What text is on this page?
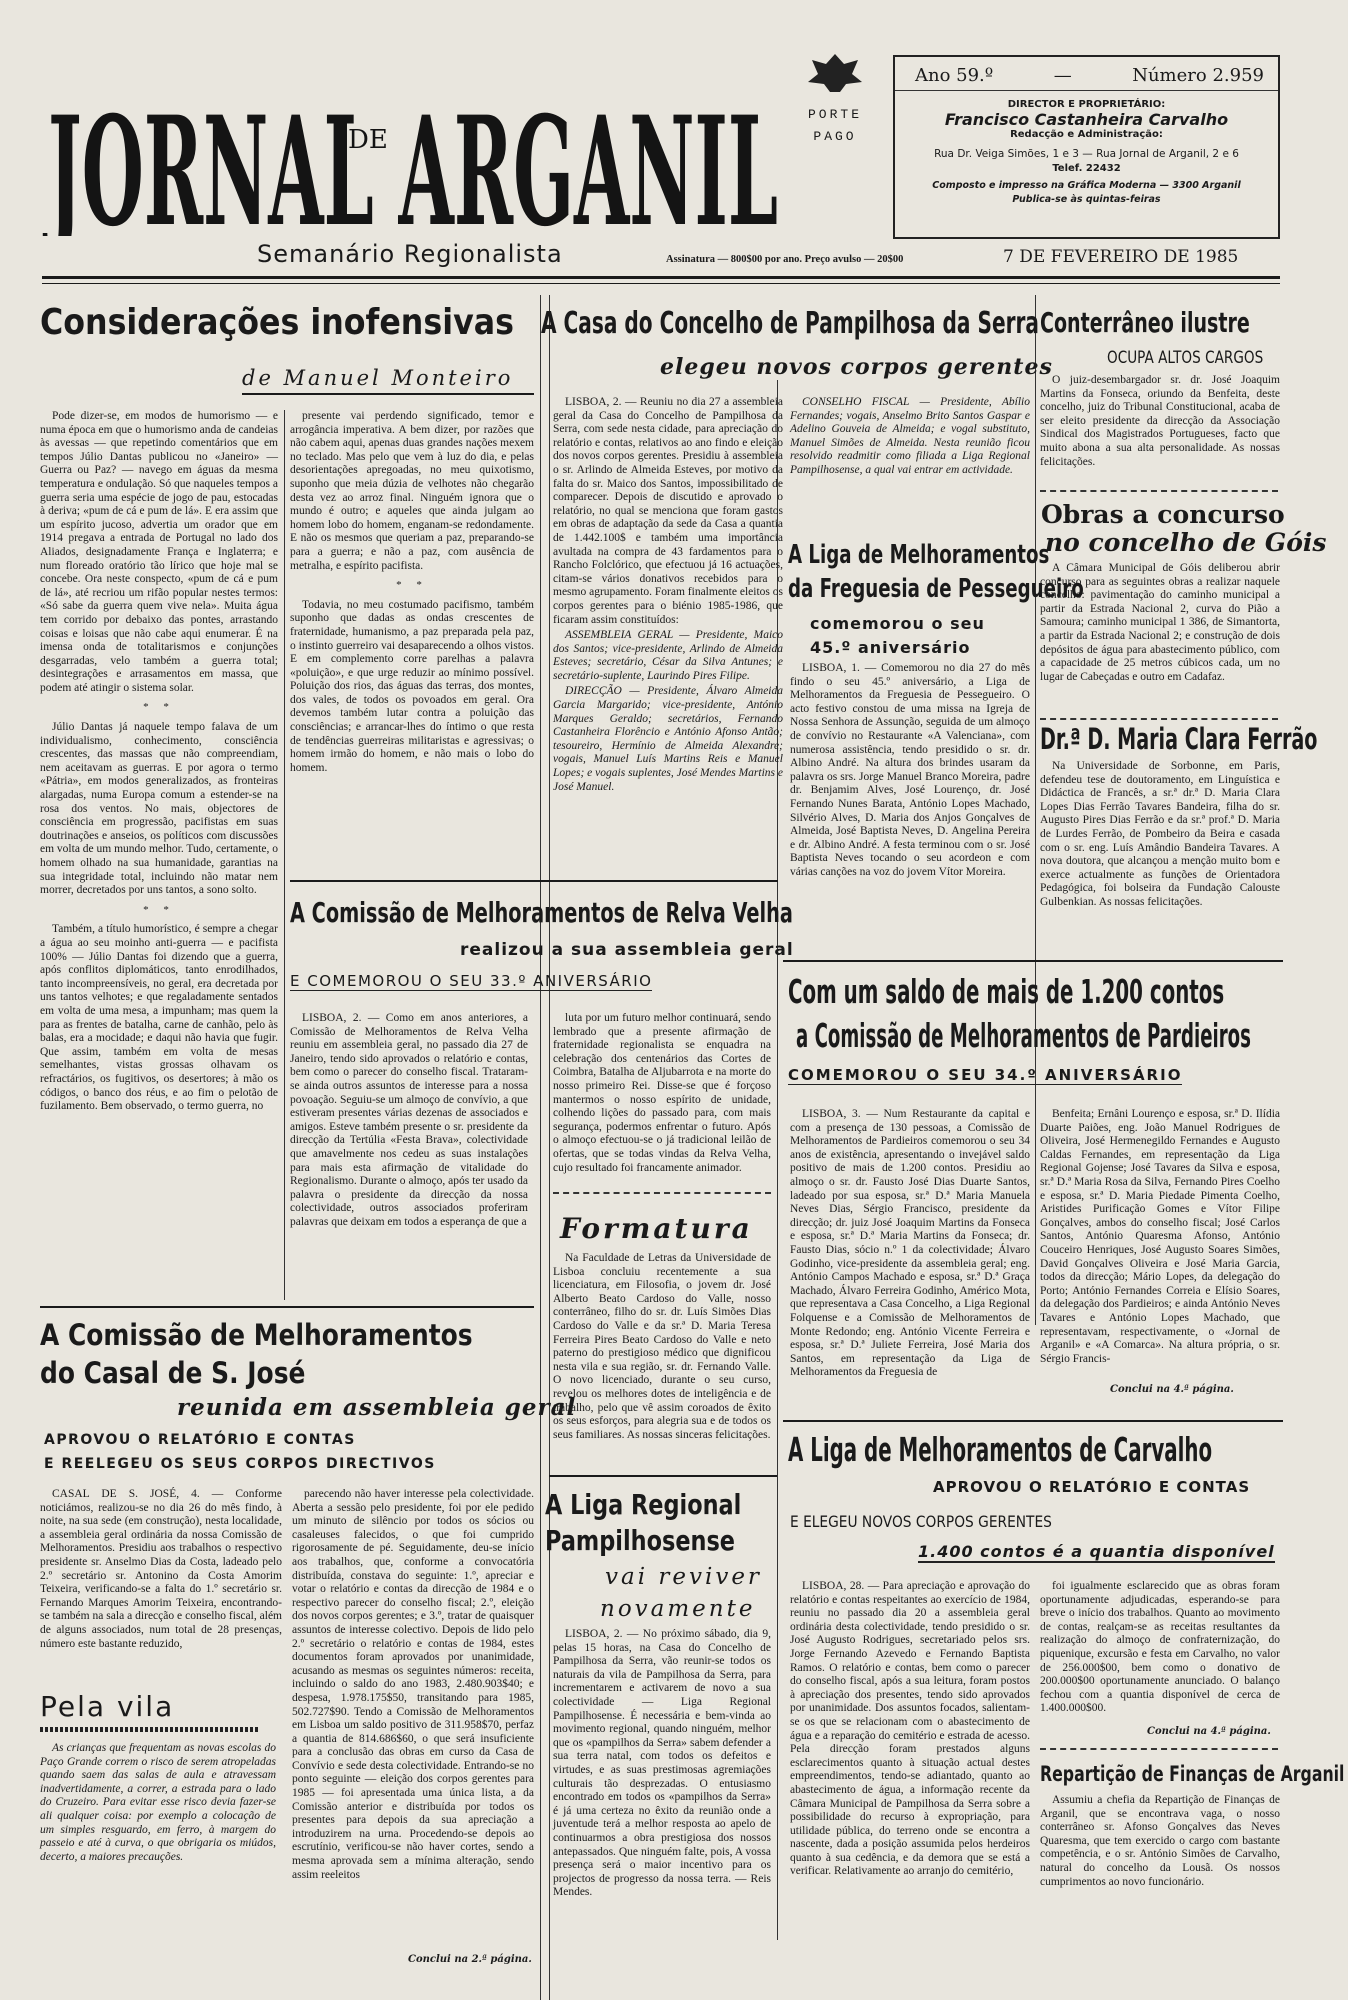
JORNAL ARGANIL
DE
Semanário Regionalista
PORTE PAGO
Ano 59.º	—	Número 2.959
DIRECTOR E PROPRIETÁRIO:
Francisco Castanheira Carvalho
Redacção e Administração:
Rua Dr. Veiga Simões, 1 e 3 — Rua Jornal de Arganil, 2 e 6
Telef. 22432
Composto e impresso na Gráfica Moderna — 3300 Arganil
Publica-se às quintas-feiras
Assinatura — 800$00 por ano. Preço avulso — 20$00	7 DE FEVEREIRO DE 1985
Considerações inofensivas
de Manuel Monteiro

Pode dizer-se, em modos de humorismo — e numa época em que o humorismo anda de candeias às avessas — que repetindo comentários que em tempos Júlio Dantas publicou no «Janeiro» — Guerra ou Paz? — navego em águas da mesma temperatura e ondulação. Só que naqueles tempos a guerra seria uma espécie de jogo de pau, estocadas à deriva; «pum de cá e pum de lá». E era assim que um espírito jucoso, advertia um orador que em 1914 pregava a entrada de Portugal no lado dos Aliados, designadamente França e Inglaterra; e num floreado oratório tão lírico que hoje mal se concebe. Ora neste conspecto, «pum de cá e pum de lá», até recriou um rifão popular nestes termos: «Só sabe da guerra quem vive nela». Muita água tem corrido por debaixo das pontes, arrastando coisas e loisas que não cabe aqui enumerar. É na imensa onda de totalitarismos e conjunções desgarradas, velo também a guerra total; desintegrações e arrasamentos em massa, que podem até atingir o sistema solar.

* *

Júlio Dantas já naquele tempo falava de um individualismo, conhecimento, consciência crescentes, das massas que não compreendiam, nem aceitavam as guerras. E por agora o termo «Pátria», em modos generalizados, as fronteiras alargadas, numa Europa comum a estender-se na rosa dos ventos. No mais, objectores de consciência em progressão, pacifistas em suas doutrinações e anseios, os políticos com discussões em volta de um mundo melhor. Tudo, certamente, o homem olhado na sua humanidade, garantias na sua integridade total, incluindo não matar nem morrer, decretados por uns tantos, a sono solto.

* *

Também, a título humorístico, é sempre a chegar a água ao seu moinho anti-guerra — e pacifista 100% — Júlio Dantas foi dizendo que a guerra, após conflitos diplomáticos, tanto enrodilhados, tanto incompreensíveis, no geral, era decretada por uns tantos velhotes; e que regaladamente sentados em volta de uma mesa, a impunham; mas quem la para as frentes de batalha, carne de canhão, pelo às balas, era a mocidade; e daqui não havia que fugir. Que assim, também em volta de mesas semelhantes, vistas grossas olhavam os refractários, os fugitivos, os desertores; à mão os códigos, o banco dos réus, e ao fim o pelotão de fuzilamento. Bem observado, o termo guerra, no

presente vai perdendo significado, temor e arrogância imperativa. A bem dizer, por razões que não cabem aqui, apenas duas grandes nações mexem no teclado. Mas pelo que vem à luz do dia, e pelas desorientações apregoadas, no meu quixotismo, suponho que meia dúzia de velhotes não chegarão desta vez ao arroz final. Ninguém ignora que o mundo é outro; e aqueles que ainda julgam ao homem lobo do homem, enganam-se redondamente. E não os mesmos que queriam a paz, preparando-se para a guerra; e não a paz, com ausência de metralha, e espírito pacifista.

* *

Todavia, no meu costumado pacifismo, também suponho que dadas as ondas crescentes de fraternidade, humanismo, a paz preparada pela paz, o instinto guerreiro vai desaparecendo a olhos vistos. E em complemento corre parelhas a palavra «poluição», e que urge reduzir ao mínimo possível. Poluição dos rios, das águas das terras, dos montes, dos vales, de todos os povoados em geral. Ora devemos também lutar contra a poluição das consciências; e arrancar-lhes do íntimo o que resta de tendências guerreiras militaristas e agressivas; o homem irmão do homem, e não mais o lobo do homem.

A Casa do Concelho de Pampilhosa da Serra
elegeu novos corpos gerentes

LISBOA, 2. — Reuniu no dia 27 a assembleia geral da Casa do Concelho de Pampilhosa da Serra, com sede nesta cidade, para apreciação do relatório e contas, relativos ao ano findo e eleição dos novos corpos gerentes. Presidiu à assembleia o sr. Arlindo de Almeida Esteves, por motivo da falta do sr. Maico dos Santos, impossibilitado de comparecer. Depois de discutido e aprovado o relatório, no qual se menciona que foram gastos em obras de adaptação da sede da Casa a quantia de 1.442.100$ e também uma importância avultada na compra de 43 fardamentos para o Rancho Folclórico, que efectuou já 16 actuações, citam-se vários donativos recebidos para o mesmo agrupamento. Foram finalmente eleitos os corpos gerentes para o biénio 1985-1986, que ficaram assim constituídos:

ASSEMBLEIA GERAL — Presidente, Maico dos Santos; vice-presidente, Arlindo de Almeida Esteves; secretário, César da Silva Antunes; e secretário-suplente, Laurindo Pires Filipe.

DIRECÇÃO — Presidente, Álvaro Almeida Garcia Margarido; vice-presidente, António Marques Geraldo; secretários, Fernando Castanheira Florêncio e António Afonso Antão; tesoureiro, Hermínio de Almeida Alexandre; vogais, Manuel Luís Martins Reis e Manuel Lopes; e vogais suplentes, José Mendes Martins e José Manuel.

CONSELHO FISCAL — Presidente, Abílio Fernandes; vogais, Anselmo Brito Santos Gaspar e Adelino Gouveia de Almeida; e vogal substituto, Manuel Simões de Almeida. Nesta reunião ficou resolvido readmitir como filiada a Liga Regional Pampilhosense, a qual vai entrar em actividade.

Conterrâneo ilustre
OCUPA ALTOS CARGOS

O juiz-desembargador sr. dr. José Joaquim Martins da Fonseca, oriundo da Benfeita, deste concelho, juiz do Tribunal Constitucional, acaba de ser eleito presidente da direcção da Associação Sindical dos Magistrados Portugueses, facto que muito abona a sua alta personalidade. As nossas felicitações.

Obras a concurso
no concelho de Góis

A Câmara Municipal de Góis deliberou abrir concurso para as seguintes obras a realizar naquele concelho: pavimentação do caminho municipal a partir da Estrada Nacional 2, curva do Pião a Samoura; caminho municipal 1 386, de Simantorta, a partir da Estrada Nacional 2; e construção de dois depósitos de água para abastecimento público, com a capacidade de 25 metros cúbicos cada, um no lugar de Cabeçadas e outro em Cadafaz.

A Liga de Melhoramentos
da Freguesia de Pessegueiro
comemorou o seu 45.º aniversário

LISBOA, 1. — Comemorou no dia 27 do mês findo o seu 45.º aniversário, a Liga de Melhoramentos da Freguesia de Pessegueiro. O acto festivo constou de uma missa na Igreja de Nossa Senhora de Assunção, seguida de um almoço de convívio no Restaurante «A Valenciana», com numerosa assistência, tendo presidido o sr. dr. Albino André. Na altura dos brindes usaram da palavra os srs. Jorge Manuel Branco Moreira, padre dr. Benjamim Alves, José Lourenço, dr. José Fernando Nunes Barata, António Lopes Machado, Silvério Alves, D. Maria dos Anjos Gonçalves de Almeida, José Baptista Neves, D. Angelina Pereira e dr. Albino André. A festa terminou com o sr. José Baptista Neves tocando o seu acordeon e com várias canções na voz do jovem Vítor Moreira.

Dr.ª D. Maria Clara Ferrão

Na Universidade de Sorbonne, em Paris, defendeu tese de doutoramento, em Linguística e Didáctica de Francês, a sr.ª dr.ª D. Maria Clara Lopes Dias Ferrão Tavares Bandeira, filha do sr. Augusto Pires Dias Ferrão e da sr.ª prof.ª D. Maria de Lurdes Ferrão, de Pombeiro da Beira e casada com o sr. eng. Luís Amândio Bandeira Tavares. A nova doutora, que alcançou a menção muito bom e exerce actualmente as funções de Orientadora Pedagógica, foi bolseira da Fundação Calouste Gulbenkian. As nossas felicitações.

A Comissão de Melhoramentos de Relva Velha
realizou a sua assembleia geral
E COMEMOROU O SEU 33.º ANIVERSÁRIO

LISBOA, 2. — Como em anos anteriores, a Comissão de Melhoramentos de Relva Velha reuniu em assembleia geral, no passado dia 27 de Janeiro, tendo sido aprovados o relatório e contas, bem como o parecer do conselho fiscal. Trataram-se ainda outros assuntos de interesse para a nossa povoação. Seguiu-se um almoço de convívio, a que estiveram presentes várias dezenas de associados e amigos. Esteve também presente o sr. presidente da direcção da Tertúlia «Festa Brava», colectividade que amavelmente nos cedeu as suas instalações para mais esta afirmação de vitalidade do Regionalismo. Durante o almoço, após ter usado da palavra o presidente da direcção da nossa colectividade, outros associados proferiram palavras que deixam em todos a esperança de que a

luta por um futuro melhor continuará, sendo lembrado que a presente afirmação de fraternidade regionalista se enquadra na celebração dos centenários das Cortes de Coimbra, Batalha de Aljubarrota e na morte do nosso primeiro Rei. Disse-se que é forçoso mantermos o nosso espírito de unidade, colhendo lições do passado para, com mais segurança, podermos enfrentar o futuro. Após o almoço efectuou-se o já tradicional leilão de ofertas, que se todas vindas da Relva Velha, cujo resultado foi francamente animador.

Formatura

Na Faculdade de Letras da Universidade de Lisboa concluiu recentemente a sua licenciatura, em Filosofia, o jovem dr. José Alberto Beato Cardoso do Valle, nosso conterrâneo, filho do sr. dr. Luís Simões Dias Cardoso do Valle e da sr.ª D. Maria Teresa Ferreira Pires Beato Cardoso do Valle e neto paterno do prestigioso médico que dignificou nesta vila e sua região, sr. dr. Fernando Valle. O novo licenciado, durante o seu curso, revelou os melhores dotes de inteligência e de trabalho, pelo que vê assim coroados de êxito os seus esforços, para alegria sua e de todos os seus familiares. As nossas sinceras felicitações.

A Liga Regional
Pampilhosense
vai reviver
novamente

LISBOA, 2. — No próximo sábado, dia 9, pelas 15 horas, na Casa do Concelho de Pampilhosa da Serra, vão reunir-se todos os naturais da vila de Pampilhosa da Serra, para incrementarem e activarem de novo a sua colectividade — Liga Regional Pampilhosense. É necessária e bem-vinda ao movimento regional, quando ninguém, melhor que os «pampilhos da Serra» sabem defender a sua terra natal, com todos os defeitos e virtudes, e as suas prestimosas agremiações culturais tão desprezadas. O entusiasmo encontrado em todos os «pampilhos da Serra» é já uma certeza no êxito da reunião onde a juventude terá a melhor resposta ao apelo de continuarmos a obra prestigiosa dos nossos antepassados. Que ninguém falte, pois, A vossa presença será o maior incentivo para os projectos de progresso da nossa terra. — Reis Mendes.

Com um saldo de mais de 1.200 contos
a Comissão de Melhoramentos de Pardieiros
COMEMOROU O SEU 34.º ANIVERSÁRIO

LISBOA, 3. — Num Restaurante da capital e com a presença de 130 pessoas, a Comissão de Melhoramentos de Pardieiros comemorou o seu 34 anos de existência, apresentando o invejável saldo positivo de mais de 1.200 contos. Presidiu ao almoço o sr. dr. Fausto José Dias Duarte Santos, ladeado por sua esposa, sr.ª D.ª Maria Manuela Neves Dias, Sérgio Francisco, presidente da direcção; dr. juiz José Joaquim Martins da Fonseca e esposa, sr.ª D.ª Maria Martins da Fonseca; dr. Fausto Dias, sócio n.º 1 da colectividade; Álvaro Godinho, vice-presidente da assembleia geral; eng. António Campos Machado e esposa, sr.ª D.ª Graça Machado, Álvaro Ferreira Godinho, Américo Mota, que representava a Casa Concelho, a Liga Regional Folquense e a Comissão de Melhoramentos de Monte Redondo; eng. António Vicente Ferreira e esposa, sr.ª D.ª Juliete Ferreira, José Maria dos Santos, em representação da Liga de Melhoramentos da Freguesia de

Benfeita; Ernâni Lourenço e esposa, sr.ª D. Ilídia Duarte Paiões, eng. João Manuel Rodrigues de Oliveira, José Hermenegildo Fernandes e Augusto Caldas Fernandes, em representação da Liga Regional Gojense; José Tavares da Silva e esposa, sr.ª D.ª Maria Rosa da Silva, Fernando Pires Coelho e esposa, sr.ª D. Maria Piedade Pimenta Coelho, Aristides Purificação Gomes e Vítor Filipe Gonçalves, ambos do conselho fiscal; José Carlos Santos, António Quaresma Afonso, António Couceiro Henriques, José Augusto Soares Simões, David Gonçalves Oliveira e José Maria Garcia, todos da direcção; Mário Lopes, da delegação do Porto; António Fernandes Correia e Elísio Soares, da delegação dos Pardieiros; e ainda António Neves Tavares e António Lopes Machado, que representavam, respectivamente, o «Jornal de Arganil» e «A Comarca». Na altura própria, o sr. Sérgio Francis-

Conclui na 4.ª página.
A Comissão de Melhoramentos
do Casal de S. José
reunida em assembleia geral
APROVOU O RELATÓRIO E CONTAS
E REELEGEU OS SEUS CORPOS DIRECTIVOS

CASAL DE S. JOSÉ, 4. — Conforme noticiámos, realizou-se no dia 26 do mês findo, à noite, na sua sede (em construção), nesta localidade, a assembleia geral ordinária da nossa Comissão de Melhoramentos. Presidiu aos trabalhos o respectivo presidente sr. Anselmo Dias da Costa, ladeado pelo 2.º secretário sr. Antonino da Costa Amorim Teixeira, verificando-se a falta do 1.º secretário sr. Fernando Marques Amorim Teixeira, encontrando-se também na sala a direcção e conselho fiscal, além de alguns associados, num total de 28 presenças, número este bastante reduzido,

parecendo não haver interesse pela colectividade. Aberta a sessão pelo presidente, foi por ele pedido um minuto de silêncio por todos os sócios ou casaleuses falecidos, o que foi cumprido rigorosamente de pé. Seguidamente, deu-se início aos trabalhos, que, conforme a convocatória distribuída, constava do seguinte: 1.º, apreciar e votar o relatório e contas da direcção de 1984 e o respectivo parecer do conselho fiscal; 2.º, eleição dos novos corpos gerentes; e 3.º, tratar de quaisquer assuntos de interesse colectivo. Depois de lido pelo 2.º secretário o relatório e contas de 1984, estes documentos foram aprovados por unanimidade, acusando as mesmas os seguintes números: receita, incluindo o saldo do ano 1983, 2.480.903$40; e despesa, 1.978.175$50, transitando para 1985, 502.727$90. Tendo a Comissão de Melhoramentos em Lisboa um saldo positivo de 311.958$70, perfaz a quantia de 814.686$60, o que será insuficiente para a conclusão das obras em curso da Casa de Convívio e sede desta colectividade. Entrando-se no ponto seguinte — eleição dos corpos gerentes para 1985 — foi apresentada uma única lista, a da Comissão anterior e distribuída por todos os presentes para depois da sua apreciação a introduzirem na urna. Procedendo-se depois ao escrutínio, verificou-se não haver cortes, sendo a mesma aprovada sem a mínima alteração, sendo assim reeleitos

Conclui na 2.ª página.
Pela vila

As crianças que frequentam as novas escolas do Paço Grande correm o risco de serem atropeladas quando saem das salas de aula e atravessam inadvertidamente, a correr, a estrada para o lado do Cruzeiro. Para evitar esse risco devia fazer-se ali qualquer coisa: por exemplo a colocação de um simples resguardo, em ferro, à margem do passeio e até à curva, o que obrigaria os miúdos, decerto, a maiores precauções.

A Liga de Melhoramentos de Carvalho
APROVOU O RELATÓRIO E CONTAS
E ELEGEU NOVOS CORPOS GERENTES
1.400 contos é a quantia disponível

LISBOA, 28. — Para apreciação e aprovação do relatório e contas respeitantes ao exercício de 1984, reuniu no passado dia 20 a assembleia geral ordinária desta colectividade, tendo presidido o sr. José Augusto Rodrigues, secretariado pelos srs. Jorge Fernando Azevedo e Fernando Baptista Ramos. O relatório e contas, bem como o parecer do conselho fiscal, após a sua leitura, foram postos à apreciação dos presentes, tendo sido aprovados por unanimidade. Dos assuntos focados, salientam-se os que se relacionam com o abastecimento de água e a reparação do cemitério e estrada de acesso. Pela direcção foram prestados alguns esclarecimentos quanto à situação actual destes empreendimentos, tendo-se adiantado, quanto ao abastecimento de água, a informação recente da Câmara Municipal de Pampilhosa da Serra sobre a possibilidade do recurso à expropriação, para utilidade pública, do terreno onde se encontra a nascente, dada a posição assumida pelos herdeiros quanto à sua cedência, e da demora que se está a verificar. Relativamente ao arranjo do cemitério,

foi igualmente esclarecido que as obras foram oportunamente adjudicadas, esperando-se para breve o início dos trabalhos. Quanto ao movimento de contas, realçam-se as receitas resultantes da realização do almoço de confraternização, do piquenique, excursão e festa em Carvalho, no valor de 256.000$00, bem como o donativo de 200.000$00 oportunamente anunciado. O balanço fechou com a quantia disponível de cerca de 1.400.000$00.

Conclui na 4.ª página.
Repartição de Finanças de Arganil

Assumiu a chefia da Repartição de Finanças de Arganil, que se encontrava vaga, o nosso conterrâneo sr. Afonso Gonçalves das Neves Quaresma, que tem exercido o cargo com bastante competência, e o sr. António Simões de Carvalho, natural do concelho da Lousã. Os nossos cumprimentos ao novo funcionário.
